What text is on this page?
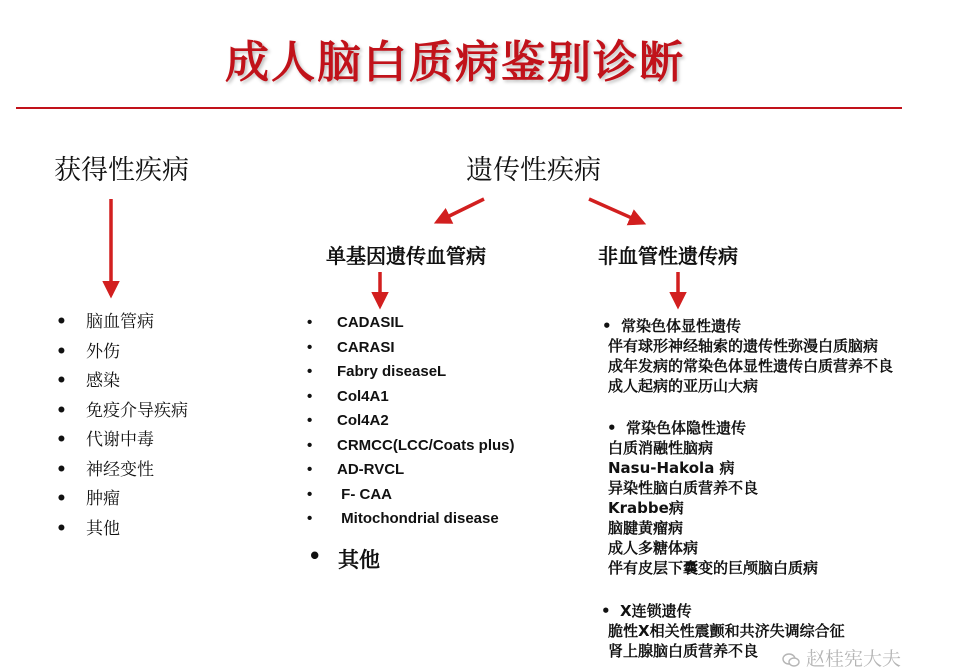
成人脑白质病鉴别诊断
获得性疾病	遗传性疾病
单基因遗传血管病	非血管性遗传病
• 脑血管病
• 外伤
• 感染
• 免疫介导疾病
• 代谢中毒
• 神经变性
• 肿瘤
• 其他
• CADASIL
• CARASI
• Fabry diseaseL
• Col4A1
• Col4A2
• CRMCC(LCC/Coats plus)
• AD-RVCL
•  F- CAA
•  Mitochondrial disease
• 其他
• 常染色体显性遗传
伴有球形神经轴索的遗传性弥漫白质脑病
成年发病的常染色体显性遗传白质营养不良
成人起病的亚历山大病
• 常染色体隐性遗传
白质消融性脑病
Nasu-Hakola 病
异染性脑白质营养不良
Krabbe病
脑腱黄瘤病
成人多糖体病
伴有皮层下囊变的巨颅脑白质病
• X连锁遗传
脆性X相关性震颤和共济失调综合征
肾上腺脑白质营养不良	赵桂宪大夫
